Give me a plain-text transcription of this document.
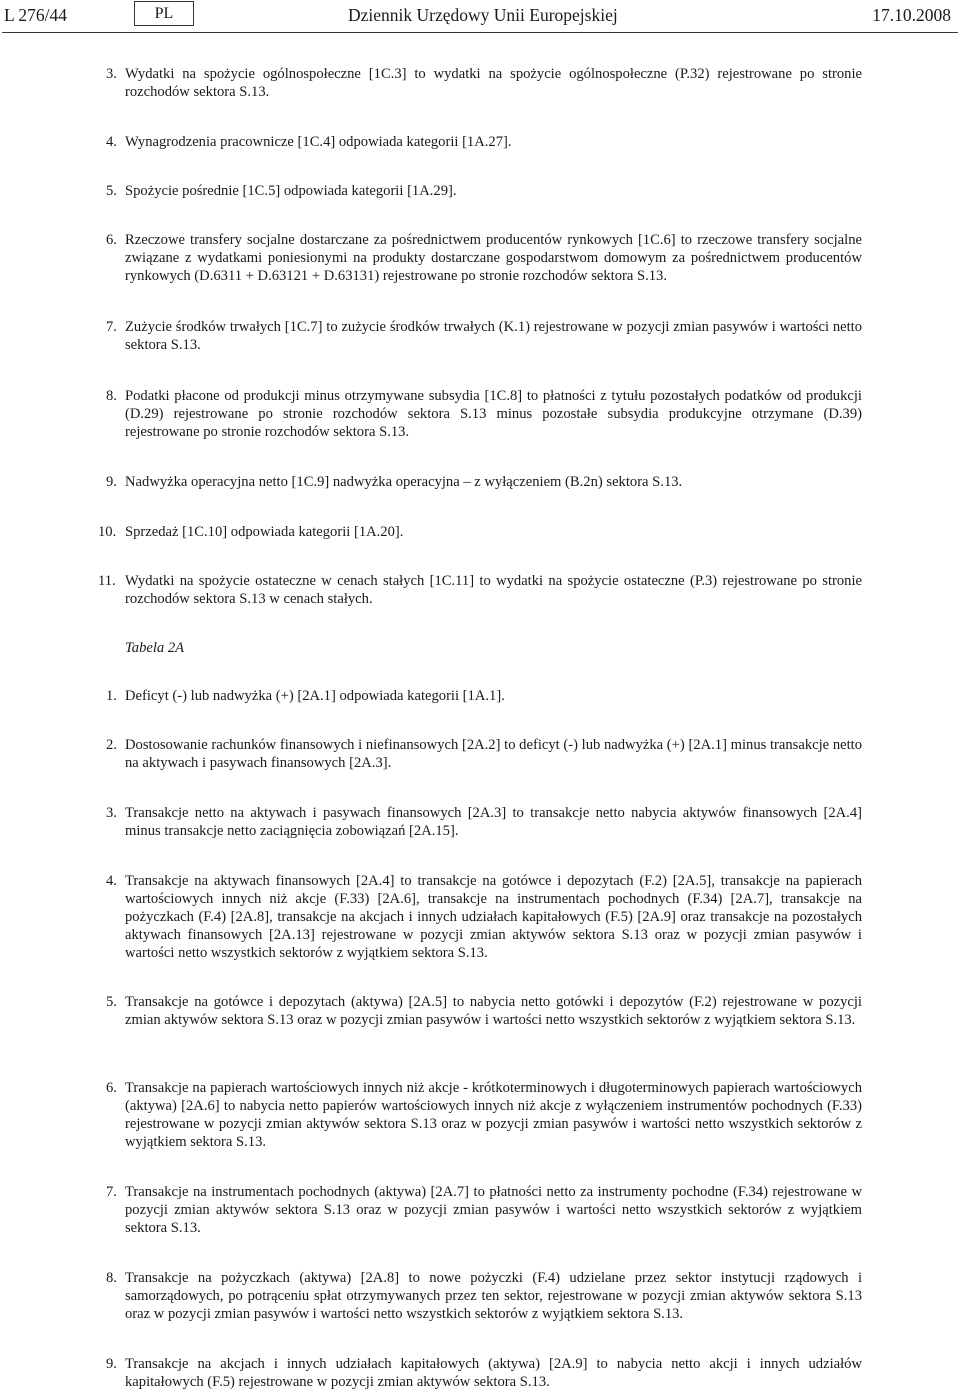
L 276/44	PL	Dziennik Urzędowy Unii Europejskiej	17.10.2008
3. Wydatki na spożycie ogólnospołeczne [1C.3] to wydatki na spożycie ogólnospołeczne (P.32) rejestrowane po stronie rozchodów sektora S.13.
4. Wynagrodzenia pracownicze [1C.4] odpowiada kategorii [1A.27].
5. Spożycie pośrednie [1C.5] odpowiada kategorii [1A.29].
6. Rzeczowe transfery socjalne dostarczane za pośrednictwem producentów rynkowych [1C.6] to rzeczowe transfery socjalne związane z wydatkami poniesionymi na produkty dostarczane gospodarstwom domowym za pośrednictwem producentów rynkowych (D.6311 + D.63121 + D.63131) rejestrowane po stronie rozchodów sektora S.13.
7. Zużycie środków trwałych [1C.7] to zużycie środków trwałych (K.1) rejestrowane w pozycji zmian pasywów i wartości netto sektora S.13.
8. Podatki płacone od produkcji minus otrzymywane subsydia [1C.8] to płatności z tytułu pozostałych podatków od produkcji (D.29) rejestrowane po stronie rozchodów sektora S.13 minus pozostałe subsydia produkcyjne otrzymane (D.39) rejestrowane po stronie rozchodów sektora S.13.
9. Nadwyżka operacyjna netto [1C.9] nadwyżka operacyjna – z wyłączeniem (B.2n) sektora S.13.
10. Sprzedaż [1C.10] odpowiada kategorii [1A.20].
11. Wydatki na spożycie ostateczne w cenach stałych [1C.11] to wydatki na spożycie ostateczne (P.3) rejestrowane po stronie rozchodów sektora S.13 w cenach stałych.
Tabela 2A
1. Deficyt (-) lub nadwyżka (+) [2A.1] odpowiada kategorii [1A.1].
2. Dostosowanie rachunków finansowych i niefinansowych [2A.2] to deficyt (-) lub nadwyżka (+) [2A.1] minus transakcje netto na aktywach i pasywach finansowych [2A.3].
3. Transakcje netto na aktywach i pasywach finansowych [2A.3] to transakcje netto nabycia aktywów finansowych [2A.4] minus transakcje netto zaciągnięcia zobowiązań [2A.15].
4. Transakcje na aktywach finansowych [2A.4] to transakcje na gotówce i depozytach (F.2) [2A.5], transakcje na papierach wartościowych innych niż akcje (F.33) [2A.6], transakcje na instrumentach pochodnych (F.34) [2A.7], transakcje na pożyczkach (F.4) [2A.8], transakcje na akcjach i innych udziałach kapitałowych (F.5) [2A.9] oraz transakcje na pozostałych aktywach finansowych [2A.13] rejestrowane w pozycji zmian aktywów sektora S.13 oraz w pozycji zmian pasywów i wartości netto wszystkich sektorów z wyjątkiem sektora S.13.
5. Transakcje na gotówce i depozytach (aktywa) [2A.5] to nabycia netto gotówki i depozytów (F.2) rejestrowane w pozycji zmian aktywów sektora S.13 oraz w pozycji zmian pasywów i wartości netto wszystkich sektorów z wyjątkiem sektora S.13.
6. Transakcje na papierach wartościowych innych niż akcje - krótkoterminowych i długoterminowych papierach wartościowych (aktywa) [2A.6] to nabycia netto papierów wartościowych innych niż akcje z wyłączeniem instrumentów pochodnych (F.33) rejestrowane w pozycji zmian aktywów sektora S.13 oraz w pozycji zmian pasywów i wartości netto wszystkich sektorów z wyjątkiem sektora S.13.
7. Transakcje na instrumentach pochodnych (aktywa) [2A.7] to płatności netto za instrumenty pochodne (F.34) rejestrowane w pozycji zmian aktywów sektora S.13 oraz w pozycji zmian pasywów i wartości netto wszystkich sektorów z wyjątkiem sektora S.13.
8. Transakcje na pożyczkach (aktywa) [2A.8] to nowe pożyczki (F.4) udzielane przez sektor instytucji rządowych i samorządowych, po potrąceniu spłat otrzymywanych przez ten sektor, rejestrowane w pozycji zmian aktywów sektora S.13 oraz w pozycji zmian pasywów i wartości netto wszystkich sektorów z wyjątkiem sektora S.13.
9. Transakcje na akcjach i innych udziałach kapitałowych (aktywa) [2A.9] to nabycia netto akcji i innych udziałów kapitałowych (F.5) rejestrowane w pozycji zmian aktywów sektora S.13.
